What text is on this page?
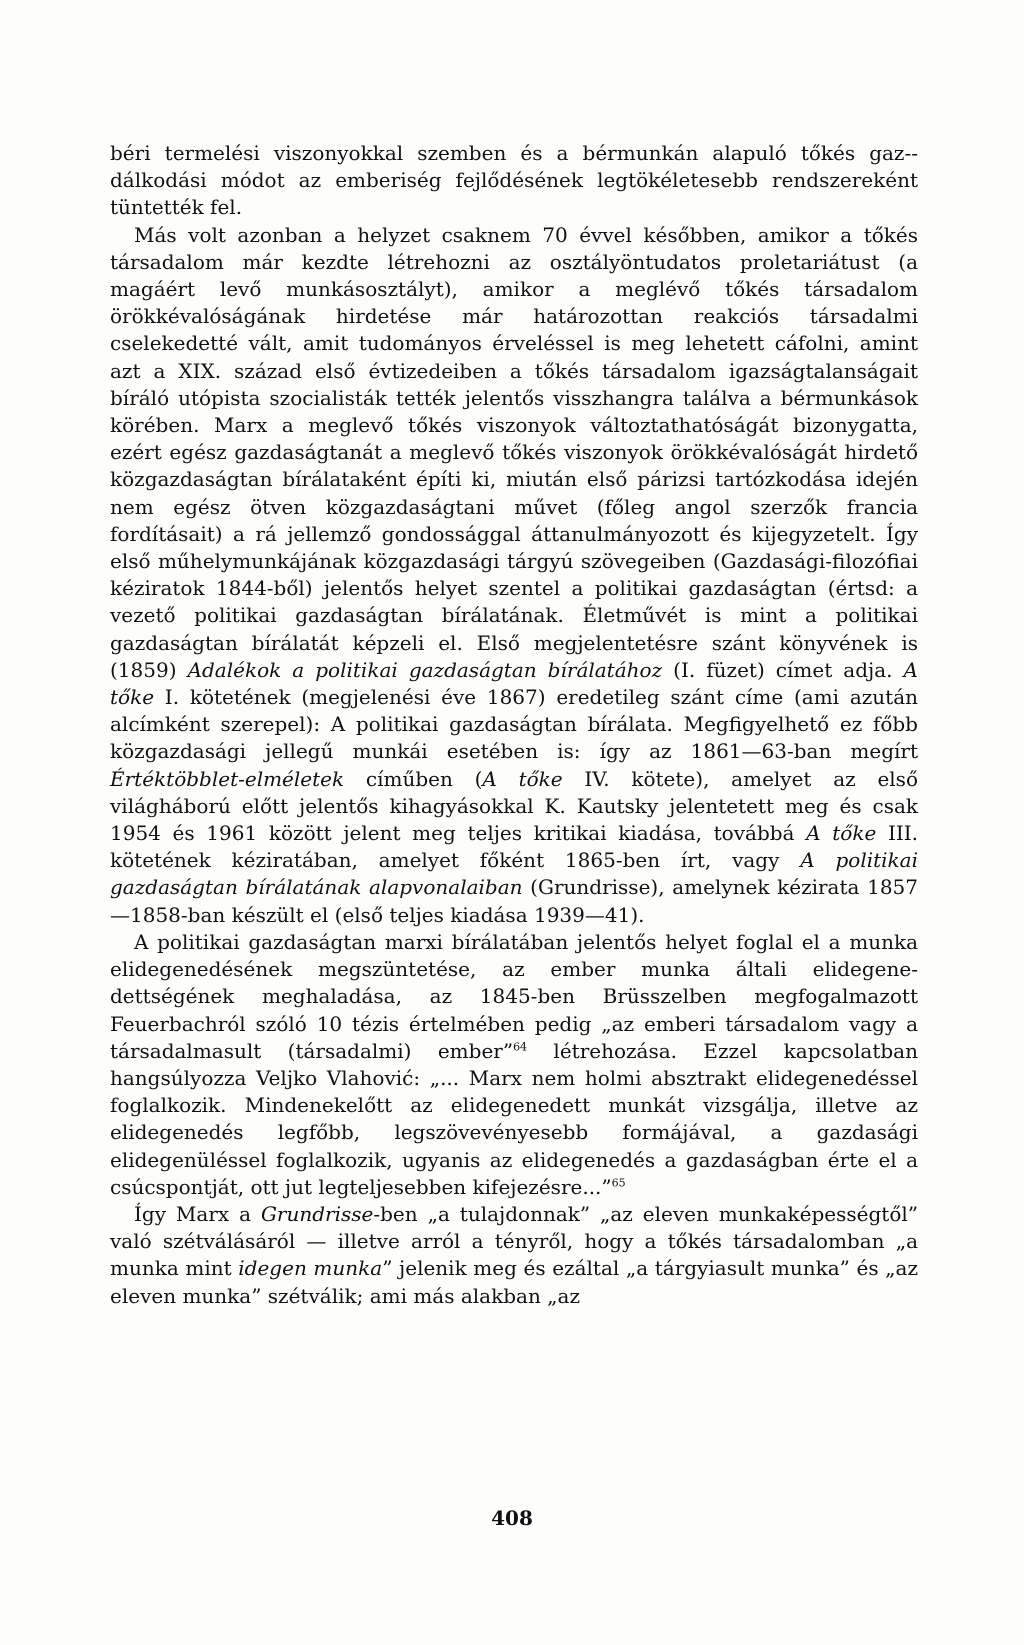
béri termelési viszonyokkal szemben és a bérmunkán alapuló tőkés gaz-dálkodási módot az emberiség fejlődésének legtökéletesebb rendszereként tüntették fel.

Más volt azonban a helyzet csaknem 70 évvel késő​bben, amikor a tőkés társadalom már kezdte létrehozni az osztályöntudatos proletariátust (a magáért levő munkásosztályt), amikor a meglévő tőkés társadalom örökkévalóságának hirdetése már határozottan reakciós társadalmi cselekedetté vált, amit tudományos érveléssel is meg lehetett cáfolni, amint azt a XIX. század első évtizedeiben a tőkés társadalom igazságtalanságait bíráló utópista szocialisták tették jelentős visszhangra találva a bérmunkások körében. Marx a meglevő tőkés viszonyok változtathatóságát bizonygatta, ezért egész gazdaságtanát a meglevő tőkés viszonyok örökkévalóságát hirdető közgazdaságtan bírálataként építi ki, miután első párizsi tartózkodása idején nem egész ötven közgazdaságtani művet (főleg angol szerzők francia fordításait) a rá jellemző gondossággal áttanulmányozott és kijegyzetelt. Így első műhelymunkájának közgazdasági tárgyú szövegeiben (Gazdasági-filozófiai kéziratok 1844-ből) jelentős helyet szentel a politikai gazdaságtan (értsd: a vezető politikai gazdaságtan bírálatának. Életművét is mint a politikai gazdaságtan bírálatát képzeli el. Első megjelentetésre szánt könyvének is (1859) Adalékok a politikai gazdaságtan bírálatához (I. füzet) címet adja. A tőke I. kötetének (megjelenési éve 1867) eredetileg szánt címe (ami azután alcímként szerepel): A politikai gazdaságtan bírálata. Megfigyelhető ez főbb közgazdasági jellegű munkái esetében is: így az 1861—63-ban megírt Értéktöbblet-elméletek címűben (A tőke IV. kötete), amelyet az első világháború előtt jelentős kihagyásokkal K. Kautsky jelentetett meg és csak 1954 és 1961 között jelent meg teljes kritikai kiadása, továbbá A tőke III. kötetének kéziratában, amelyet főként 1865-ben írt, vagy A politikai gazdaságtan bírálatának alapvonalaiban (Grundrisse), amelynek kézirata 1857—1858-ban készült el (első teljes kiadása 1939—41).

A politikai gazdaságtan marxi bírálatában jelentős helyet foglal el a munka elidegenedésének megszüntetése, az ember munka általi elidegenedettségének meghaladása, az 1845-ben Brüsszelben megfogalmazott Feuerbachról szóló 10 tézis értelmében pedig „az emberi társadalom vagy a társadalmasult (társadalmi) ember”$^{64}$ létrehozása. Ezzel kapcsolatban hangsúlyozza Veljko Vlahović: „... Marx nem holmi absztrakt elidegenedéssel foglalkozik. Mindenekelőtt az elidegenedett munkát vizsgálja, illetve az elidegenedés legfőbb, legszövevényesebb formájával, a gazdasági elidegenüléssel foglalkozik, ugyanis az elidegenedés a gazdaságban érte el a csúcspontját, ott jut legteljesebben kifejezésre...”$^{65}$

Így Marx a Grundrisse-ben „a tulajdonnak” „az eleven munkaképességtől” való szétválásáról — illetve arról a tényről, hogy a tőkés társadalomban „a munka mint idegen munka” jelenik meg és ezáltal „a tárgyiasult munka” és „az eleven munka” szétválik; ami más alakban „az

408
